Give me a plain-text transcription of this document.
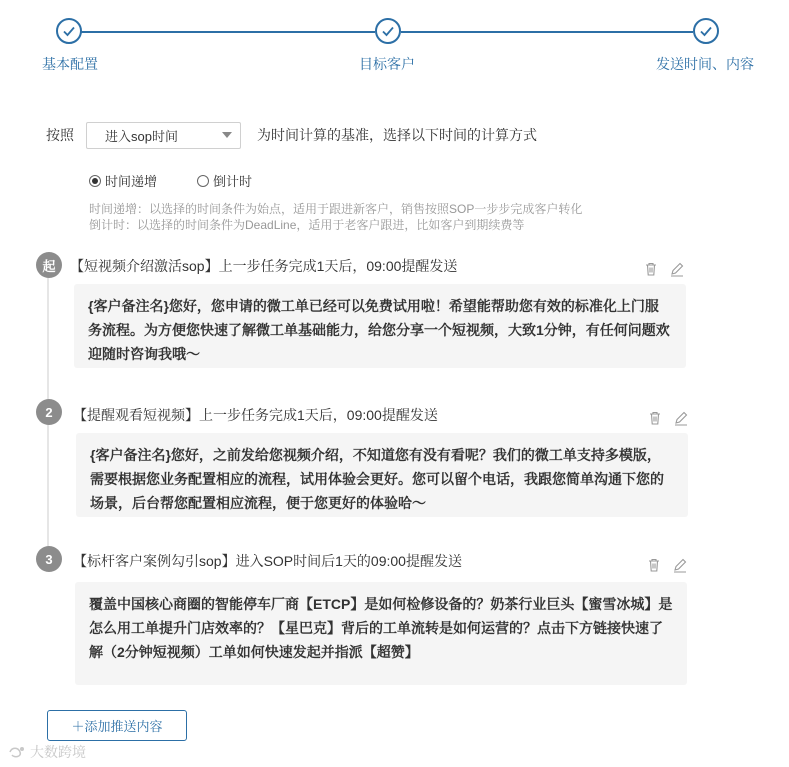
基本配置	目标客户	发送时间、内容
按照 进入sop时间	为时间计算的基准，选择以下时间的计算方式
时间递增	倒计时
时间递增：以选择的时间条件为始点，适用于跟进新客户，销售按照SOP一步步完成客户转化
倒计时：以选择的时间条件为DeadLine，适用于老客户跟进，比如客户到期续费等
起	【短视频介绍激活sop】上一步任务完成1天后，09:00提醒发送
{客户备注名}您好，您申请的微工单已经可以免费试用啦！希望能帮助您有效的标准化上门服务流程。为方便您快速了解微工单基础能力，给您分享一个短视频，大致1分钟，有任何问题欢迎随时咨询我哦～
2	【提醒观看短视频】上一步任务完成1天后，09:00提醒发送
{客户备注名}您好，之前发给您视频介绍，不知道您有没有看呢？我们的微工单支持多模版，需要根据您业务配置相应的流程，试用体验会更好。您可以留个电话，我跟您简单沟通下您的场景，后台帮您配置相应流程，便于您更好的体验哈～
3	【标杆客户案例勾引sop】进入SOP时间后1天的09:00提醒发送
覆盖中国核心商圈的智能停车厂商【ETCP】是如何检修设备的？奶茶行业巨头【蜜雪冰城】是怎么用工单提升门店效率的？【星巴克】背后的工单流转是如何运营的？点击下方链接快速了解（2分钟短视频）工单如何快速发起并指派【超赞】
＋添加推送内容
大数跨境
